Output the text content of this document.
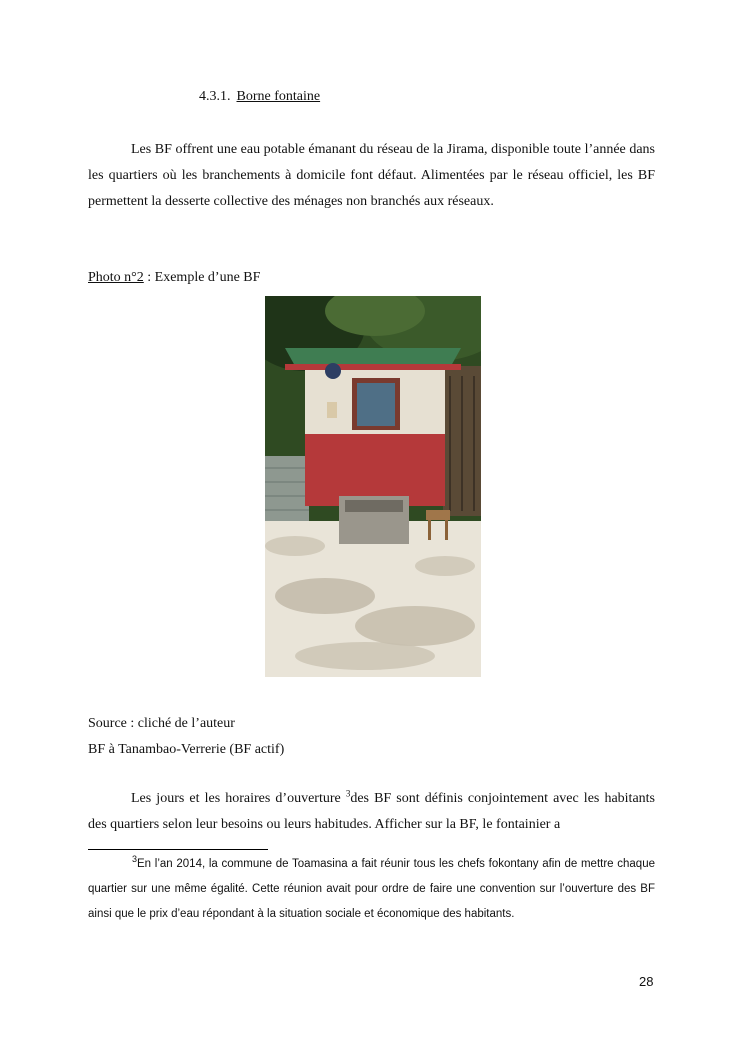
4.3.1. Borne fontaine
Les BF offrent une eau potable émanant du réseau de la Jirama, disponible toute l’année dans les quartiers où les branchements à domicile font défaut. Alimentées par le réseau officiel, les BF permettent la desserte collective des ménages non branchés aux réseaux.
Photo n°2 : Exemple d’une BF
Source : cliché de l’auteur
BF à Tanambao-Verrerie (BF actif)
Les jours et les horaires d’ouverture $^3$des BF sont définis conjointement avec les habitants des quartiers selon leur besoins ou leurs habitudes. Afficher sur la BF, le fontainier a
$^3$En l’an 2014, la commune de Toamasina a fait réunir tous les chefs fokontany afin de mettre chaque quartier sur une même égalité. Cette réunion avait pour ordre de faire une convention sur l’ouverture des BF ainsi que le prix d’eau répondant à la situation sociale et économique des habitants.
28
